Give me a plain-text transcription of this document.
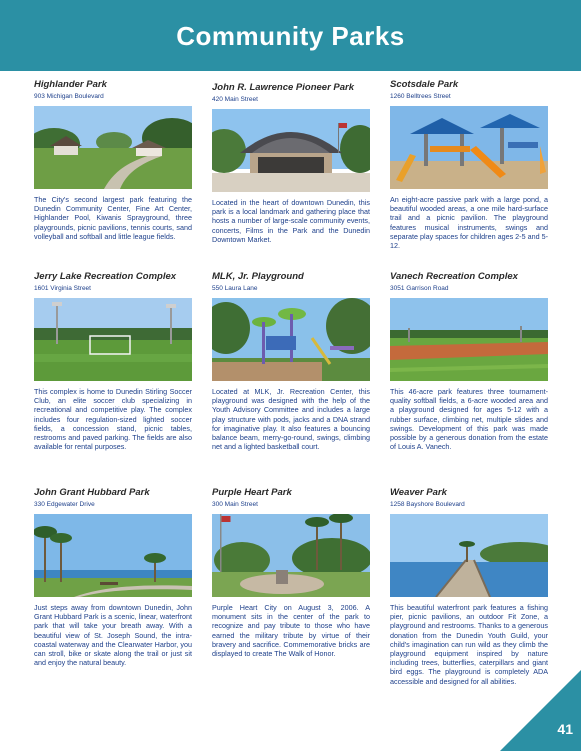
Community Parks
Highlander Park
903 Michigan Boulevard
The City's second largest park featuring the Dunedin Community Center, Fine Art Center, Highlander Pool, Kiwanis Sprayground, three playgrounds, picnic pavilions, tennis courts, sand volleyball and softball and little league fields.
John R. Lawrence Pioneer Park
420 Main Street
Located in the heart of downtown Dunedin, this park is a local landmark and gathering place that hosts a number of large-scale community events, concerts, Films in the Park and the Dunedin Downtown Market.
Scotsdale Park
1260 Belltrees Street
An eight-acre passive park with a large pond, a beautiful wooded areas, a one mile hard-surface trail and a picnic pavilion. The playground features musical instruments, swings and separate play spaces for children ages 2-5 and 5-12.
Jerry Lake Recreation Complex
1601 Virginia Street
This complex is home to Dunedin Stirling Soccer Club, an elite soccer club specializing in recreational and competitive play. The complex includes four regulation-sized lighted soccer fields, a concession stand, picnic tables, restrooms and paved parking. The fields are also available for rental purposes.
MLK, Jr. Playground
550 Laura Lane
Located at MLK, Jr. Recreation Center, this playground was designed with the help of the Youth Advisory Committee and includes a large play structure with pods, jacks and a DNA strand for imaginative play. It also features a bouncing balance beam, merry-go-round, swings, climbing net and a lighted basketball court.
Vanech Recreation Complex
3051 Garrison Road
This 46-acre park features three tournament-quality softball fields, a 6-acre wooded area and a playground designed for ages 5-12 with a rubber surface, climbing net, multiple slides and swings. Development of this park was made possible by a generous donation from the estate of Louis A. Vanech.
John Grant Hubbard Park
330 Edgewater Drive
Just steps away from downtown Dunedin, John Grant Hubbard Park is a scenic, linear, waterfront park that will take your breath away. With a beautiful view of St. Joseph Sound, the intra-coastal waterway and the Clearwater Harbor, you can stroll, bike or skate along the trail or just sit and enjoy the natural beauty.
Purple Heart Park
300 Main Street
Purple Heart City on August 3, 2006. A monument sits in the center of the park to recognize and pay tribute to those who have earned the military tribute by virtue of their bravery and sacrifice. Commemorative bricks are displayed to create The Walk of Honor.
Weaver Park
1258 Bayshore Boulevard
This beautiful waterfront park features a fishing pier, picnic pavilions, an outdoor Fit Zone, a playground and restrooms. Thanks to a generous donation from the Dunedin Youth Guild, your child's imagination can run wild as they climb the playground equipment inspired by nature including trees, butterflies, caterpillars and giant bird eggs. The playground is completely ADA accessible and designed for all abilities.
41
